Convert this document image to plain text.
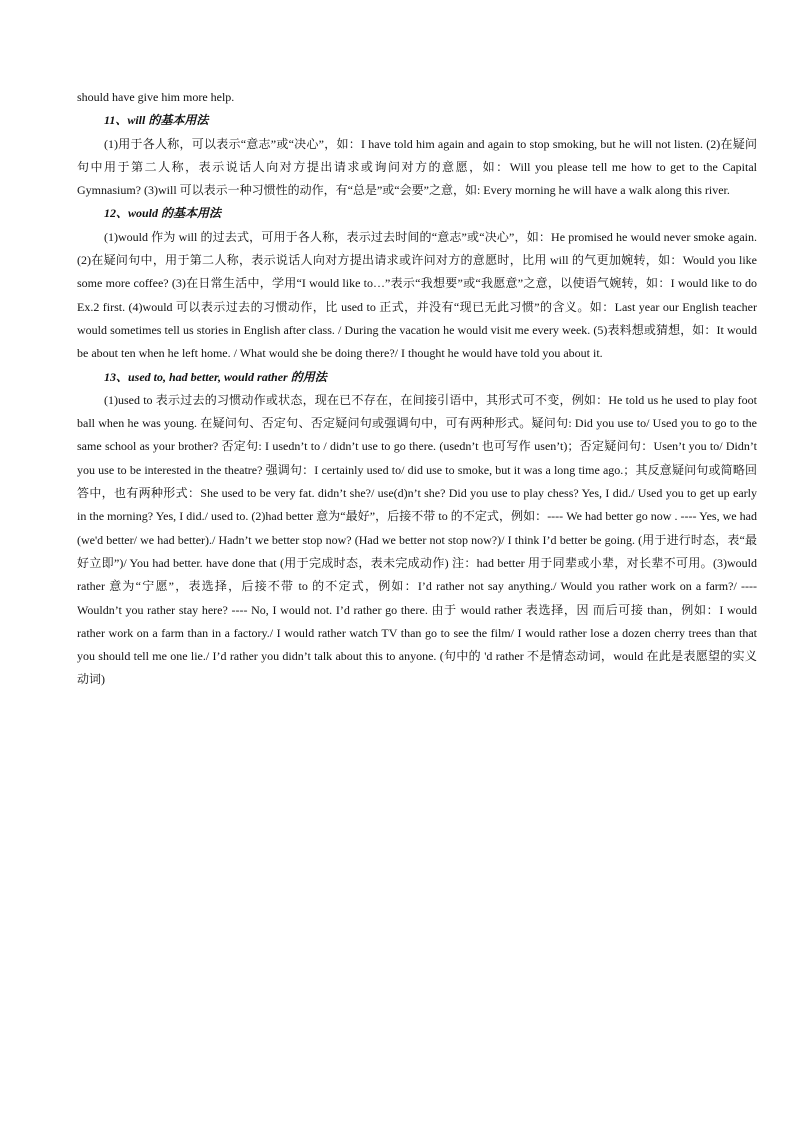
should have give him more help.

11、will 的基本用法

(1)用于各人称，可以表示“意志”或“决心”，如：I have told him again and again to stop smoking, but he will not listen. (2)在疑问句中用于第二人称，表示说话人向对方提出请求或询问对方的意愿，如：Will you please tell me how to get to the Capital Gymnasium? (3)will 可以表示一种习惯性的动作，有“总是”或“会要”之意，如: Every morning he will have a walk along this river.

12、would 的基本用法

(1)would 作为 will 的过去式，可用于各人称，表示过去时间的“意志”或“决心”，如：He promised he would never smoke again. (2)在疑问句中，用于第二人称，表示说话人向对方提出请求或许问对方的意愿时，比用 will 的气更加婉转，如：Would you like some more coffee? (3)在日常生活中，学用“I would like to…”表示“我想要”或“我愿意”之意，以使语气婉转，如：I would like to do Ex.2 first. (4)would 可以表示过去的习惯动作，比 used to 正式，并没有“现已无此习惯”的含义。如：Last year our English teacher would sometimes tell us stories in English after class. / During the vacation he would visit me every week. (5)表料想或猜想，如：It would be about ten when he left home. / What would she be doing there?/ I thought he would have told you about it.

13、used to, had better, would rather 的用法

(1)used to 表示过去的习惯动作或状态，现在已不存在，在间接引语中，其形式可不变，例如：He told us he used to play foot ball when he was young. 在疑问句、否定句、否定疑问句或强调句中，可有两种形式。疑问句: Did you use to/ Used you to go to the same school as your brother? 否定句: I usedn’t to / didn’t use to go there. (usedn’t 也可写作 usen’t)；否定疑问句：Usen’t you to/ Didn’t you use to be interested in the theatre? 强调句：I certainly used to/ did use to smoke, but it was a long time ago.；其反意疑问句或简略回答中，也有两种形式：She used to be very fat. didn’t she?/ use(d)n’t she? Did you use to play chess? Yes, I did./ Used you to get up early in the morning? Yes, I did./ used to. (2)had better 意为“最好”，后接不带 to 的不定式，例如：---- We had better go now . ---- Yes, we had (we'd better/ we had better)./ Hadn’t we better stop now? (Had we better not stop now?)/ I think I’d better be going. (用于进行时态，表“最好立即”)/ You had better. have done that (用于完成时态，表未完成动作) 注：had better 用于同辈或小辈，对长辈不可用。(3)would rather 意为“宁愿”，表选择，后接不带 to 的不定式，例如：I’d rather not say anything./ Would you rather work on a farm?/ ---- Wouldn’t you rather stay here? ---- No, I would not. I’d rather go there. 由于 would rather 表选择，因 而后可接 than，例如：I would rather work on a farm than in a factory./ I would rather watch TV than go to see the film/ I would rather lose a dozen cherry trees than that you should tell me one lie./ I’d rather you didn’t talk about this to anyone. (句中的 'd rather 不是情态动词，would 在此是表愿望的实义动词)
